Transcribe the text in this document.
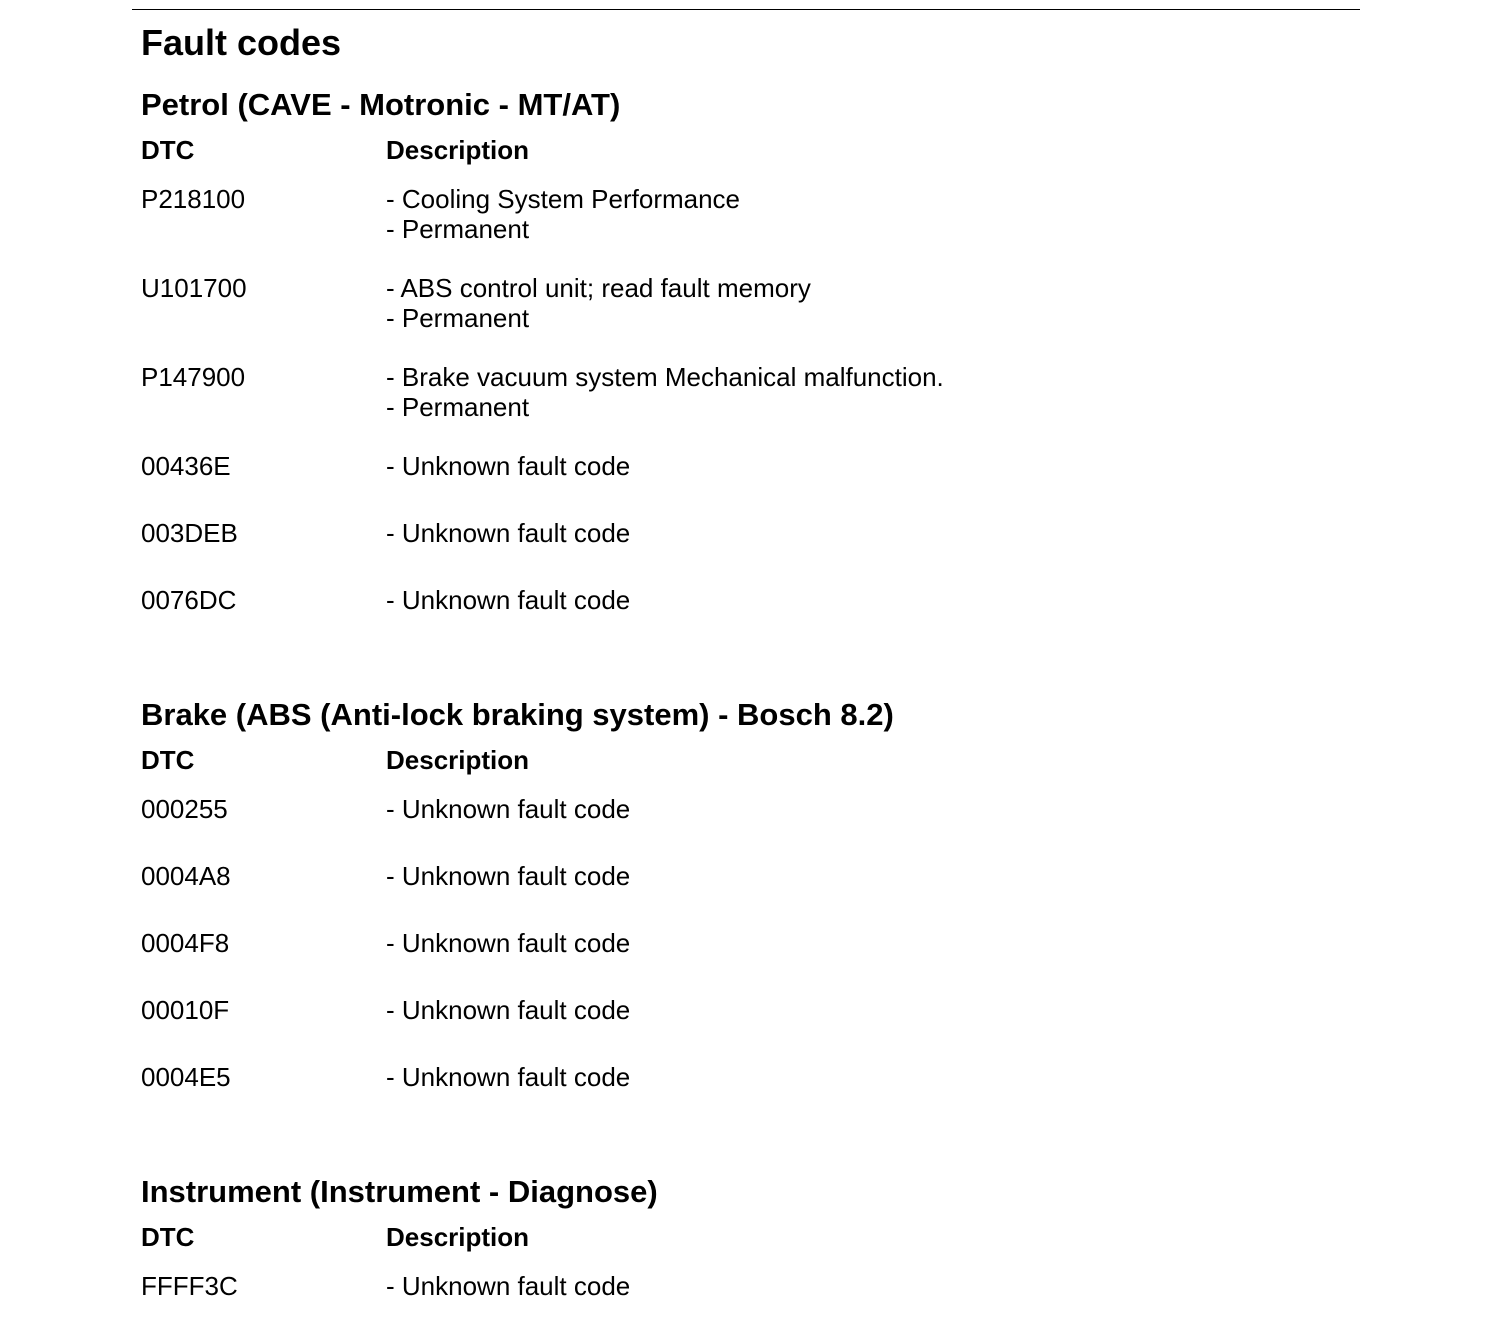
Fault codes
Petrol (CAVE - Motronic - MT/AT)
DTC	Description
P218100	- Cooling System Performance
- Permanent
U101700	- ABS control unit; read fault memory
- Permanent
P147900	- Brake vacuum system Mechanical malfunction.
- Permanent
00436E	- Unknown fault code
003DEB	- Unknown fault code
0076DC	- Unknown fault code
Brake (ABS (Anti-lock braking system) - Bosch 8.2)
DTC	Description
000255	- Unknown fault code
0004A8	- Unknown fault code
0004F8	- Unknown fault code
00010F	- Unknown fault code
0004E5	- Unknown fault code
Instrument (Instrument - Diagnose)
DTC	Description
FFFF3C	- Unknown fault code
